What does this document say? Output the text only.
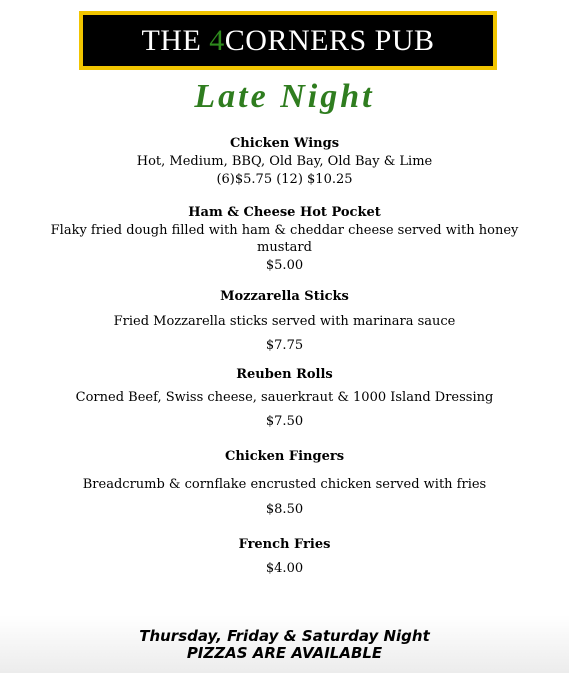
THE 4CORNERS PUB
Late Night
Chicken Wings
Hot, Medium, BBQ, Old Bay, Old Bay & Lime
(6)$5.75 (12) $10.25
Ham & Cheese Hot Pocket
Flaky fried dough filled with ham & cheddar cheese served with honey mustard
$5.00
Mozzarella Sticks
Fried Mozzarella sticks served with marinara sauce
$7.75
Reuben Rolls
Corned Beef, Swiss cheese, sauerkraut & 1000 Island Dressing
$7.50
Chicken Fingers
Breadcrumb & cornflake encrusted chicken served with fries
$8.50
French Fries
$4.00
Thursday, Friday & Saturday Night
PIZZAS ARE AVAILABLE
